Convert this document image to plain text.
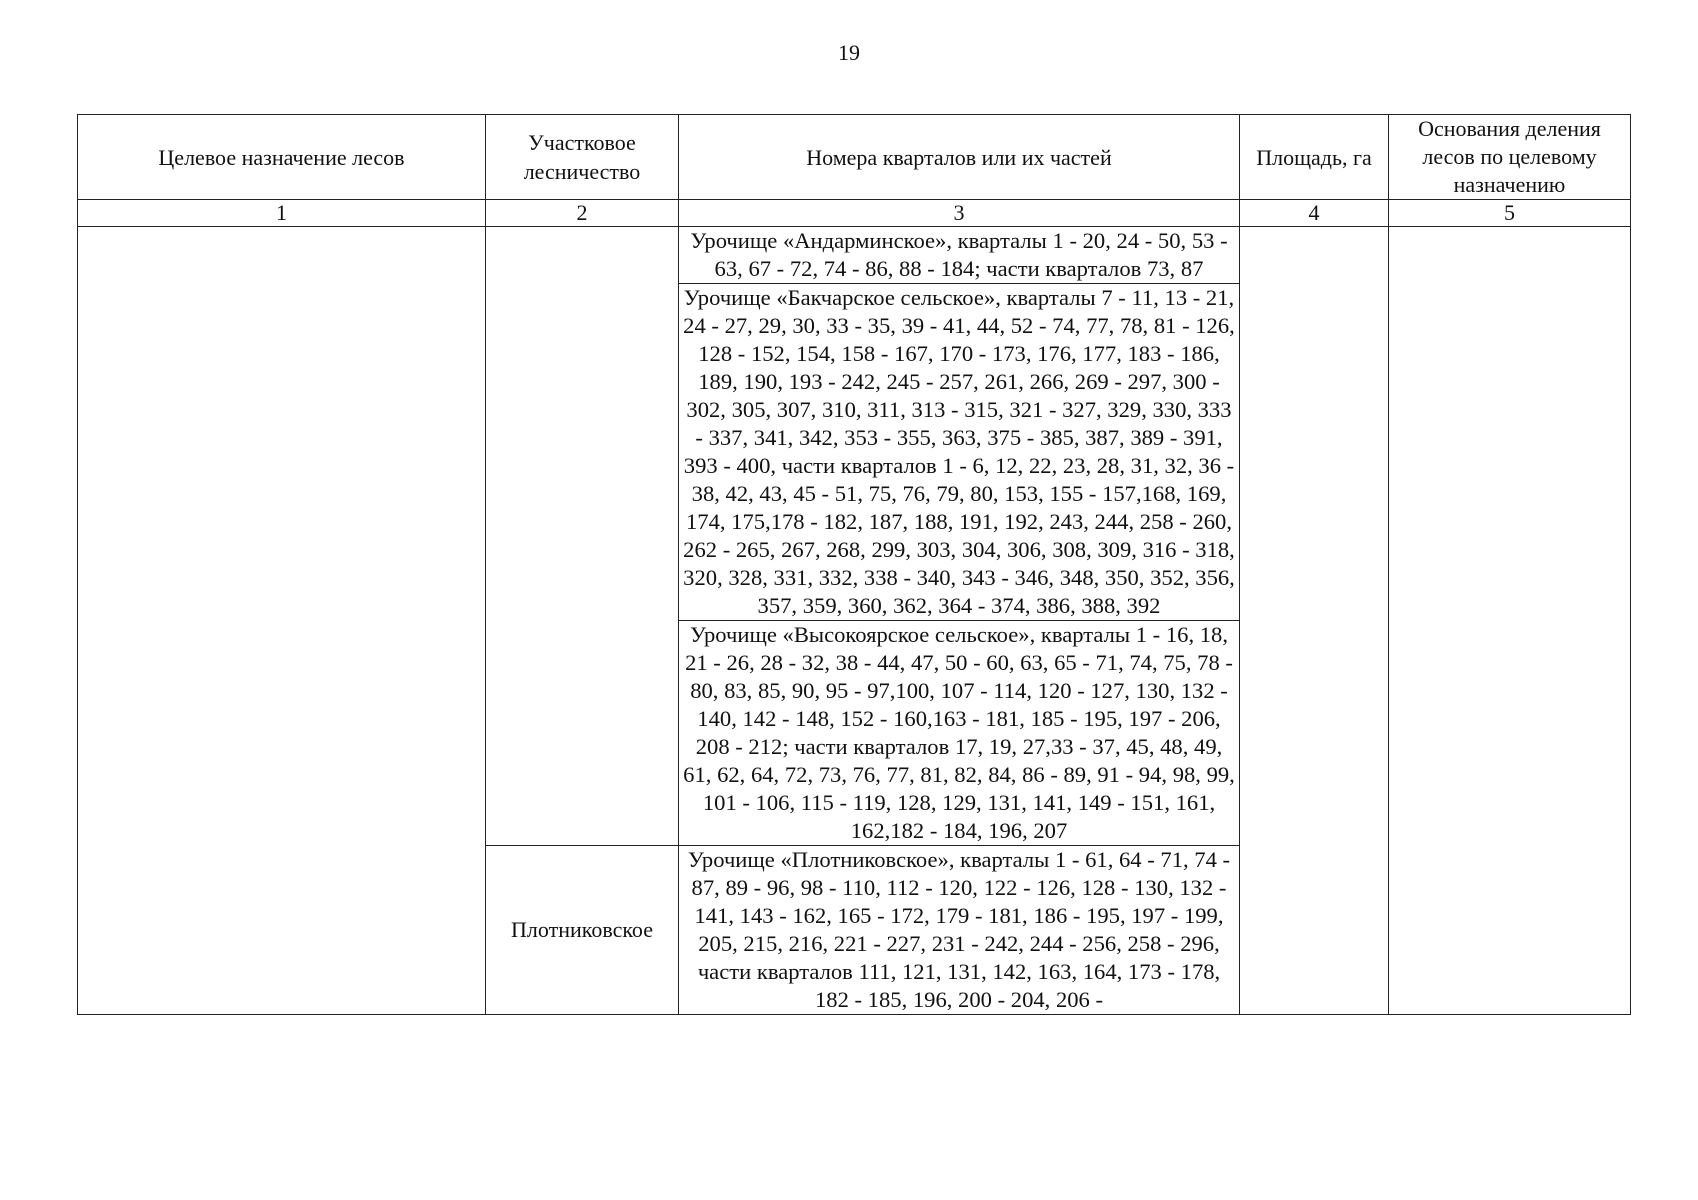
19
Целевое назначение лесов	Участковое лесничество	Номера кварталов или их частей	Площадь, га	Основания деления лесов по целевому назначению
1	2	3	4	5
		Урочище «Андарминское», кварталы 1 - 20, 24 - 50, 53 - 63, 67 - 72, 74 - 86, 88 - 184; части кварталов 73, 87		
		Урочище «Бакчарское сельское», кварталы 7 - 11, 13 - 21, 24 - 27, 29, 30, 33 - 35, 39 - 41, 44, 52 - 74, 77, 78, 81 - 126, 128 - 152, 154, 158 - 167, 170 - 173, 176, 177, 183 - 186, 189, 190, 193 - 242, 245 - 257, 261, 266, 269 - 297, 300 - 302, 305, 307, 310, 311, 313 - 315, 321 - 327, 329, 330, 333 - 337, 341, 342, 353 - 355, 363, 375 - 385, 387, 389 - 391, 393 - 400, части кварталов 1 - 6, 12, 22, 23, 28, 31, 32, 36 - 38, 42, 43, 45 - 51, 75, 76, 79, 80, 153, 155 - 157,168, 169, 174, 175,178 - 182, 187, 188, 191, 192, 243, 244, 258 - 260, 262 - 265, 267, 268, 299, 303, 304, 306, 308, 309, 316 - 318, 320, 328, 331, 332, 338 - 340, 343 - 346, 348, 350, 352, 356, 357, 359, 360, 362, 364 - 374, 386, 388, 392		
		Урочище «Высокоярское сельское», кварталы 1 - 16, 18, 21 - 26, 28 - 32, 38 - 44, 47, 50 - 60, 63, 65 - 71, 74, 75, 78 - 80, 83, 85, 90, 95 - 97,100, 107 - 114, 120 - 127, 130, 132 - 140, 142 - 148, 152 - 160,163 - 181, 185 - 195, 197 - 206, 208 - 212; части кварталов 17, 19, 27,33 - 37, 45, 48, 49, 61, 62, 64, 72, 73, 76, 77, 81, 82, 84, 86 - 89, 91 - 94, 98, 99, 101 - 106, 115 - 119, 128, 129, 131, 141, 149 - 151, 161, 162,182 - 184, 196, 207		
	Плотниковское	Урочище «Плотниковское», кварталы 1 - 61, 64 - 71, 74 - 87, 89 - 96, 98 - 110, 112 - 120, 122 - 126, 128 - 130, 132 - 141, 143 - 162, 165 - 172, 179 - 181, 186 - 195, 197 - 199, 205, 215, 216, 221 - 227, 231 - 242, 244 - 256, 258 - 296, части кварталов 111, 121, 131, 142, 163, 164, 173 - 178, 182 - 185, 196, 200 - 204, 206 -		
